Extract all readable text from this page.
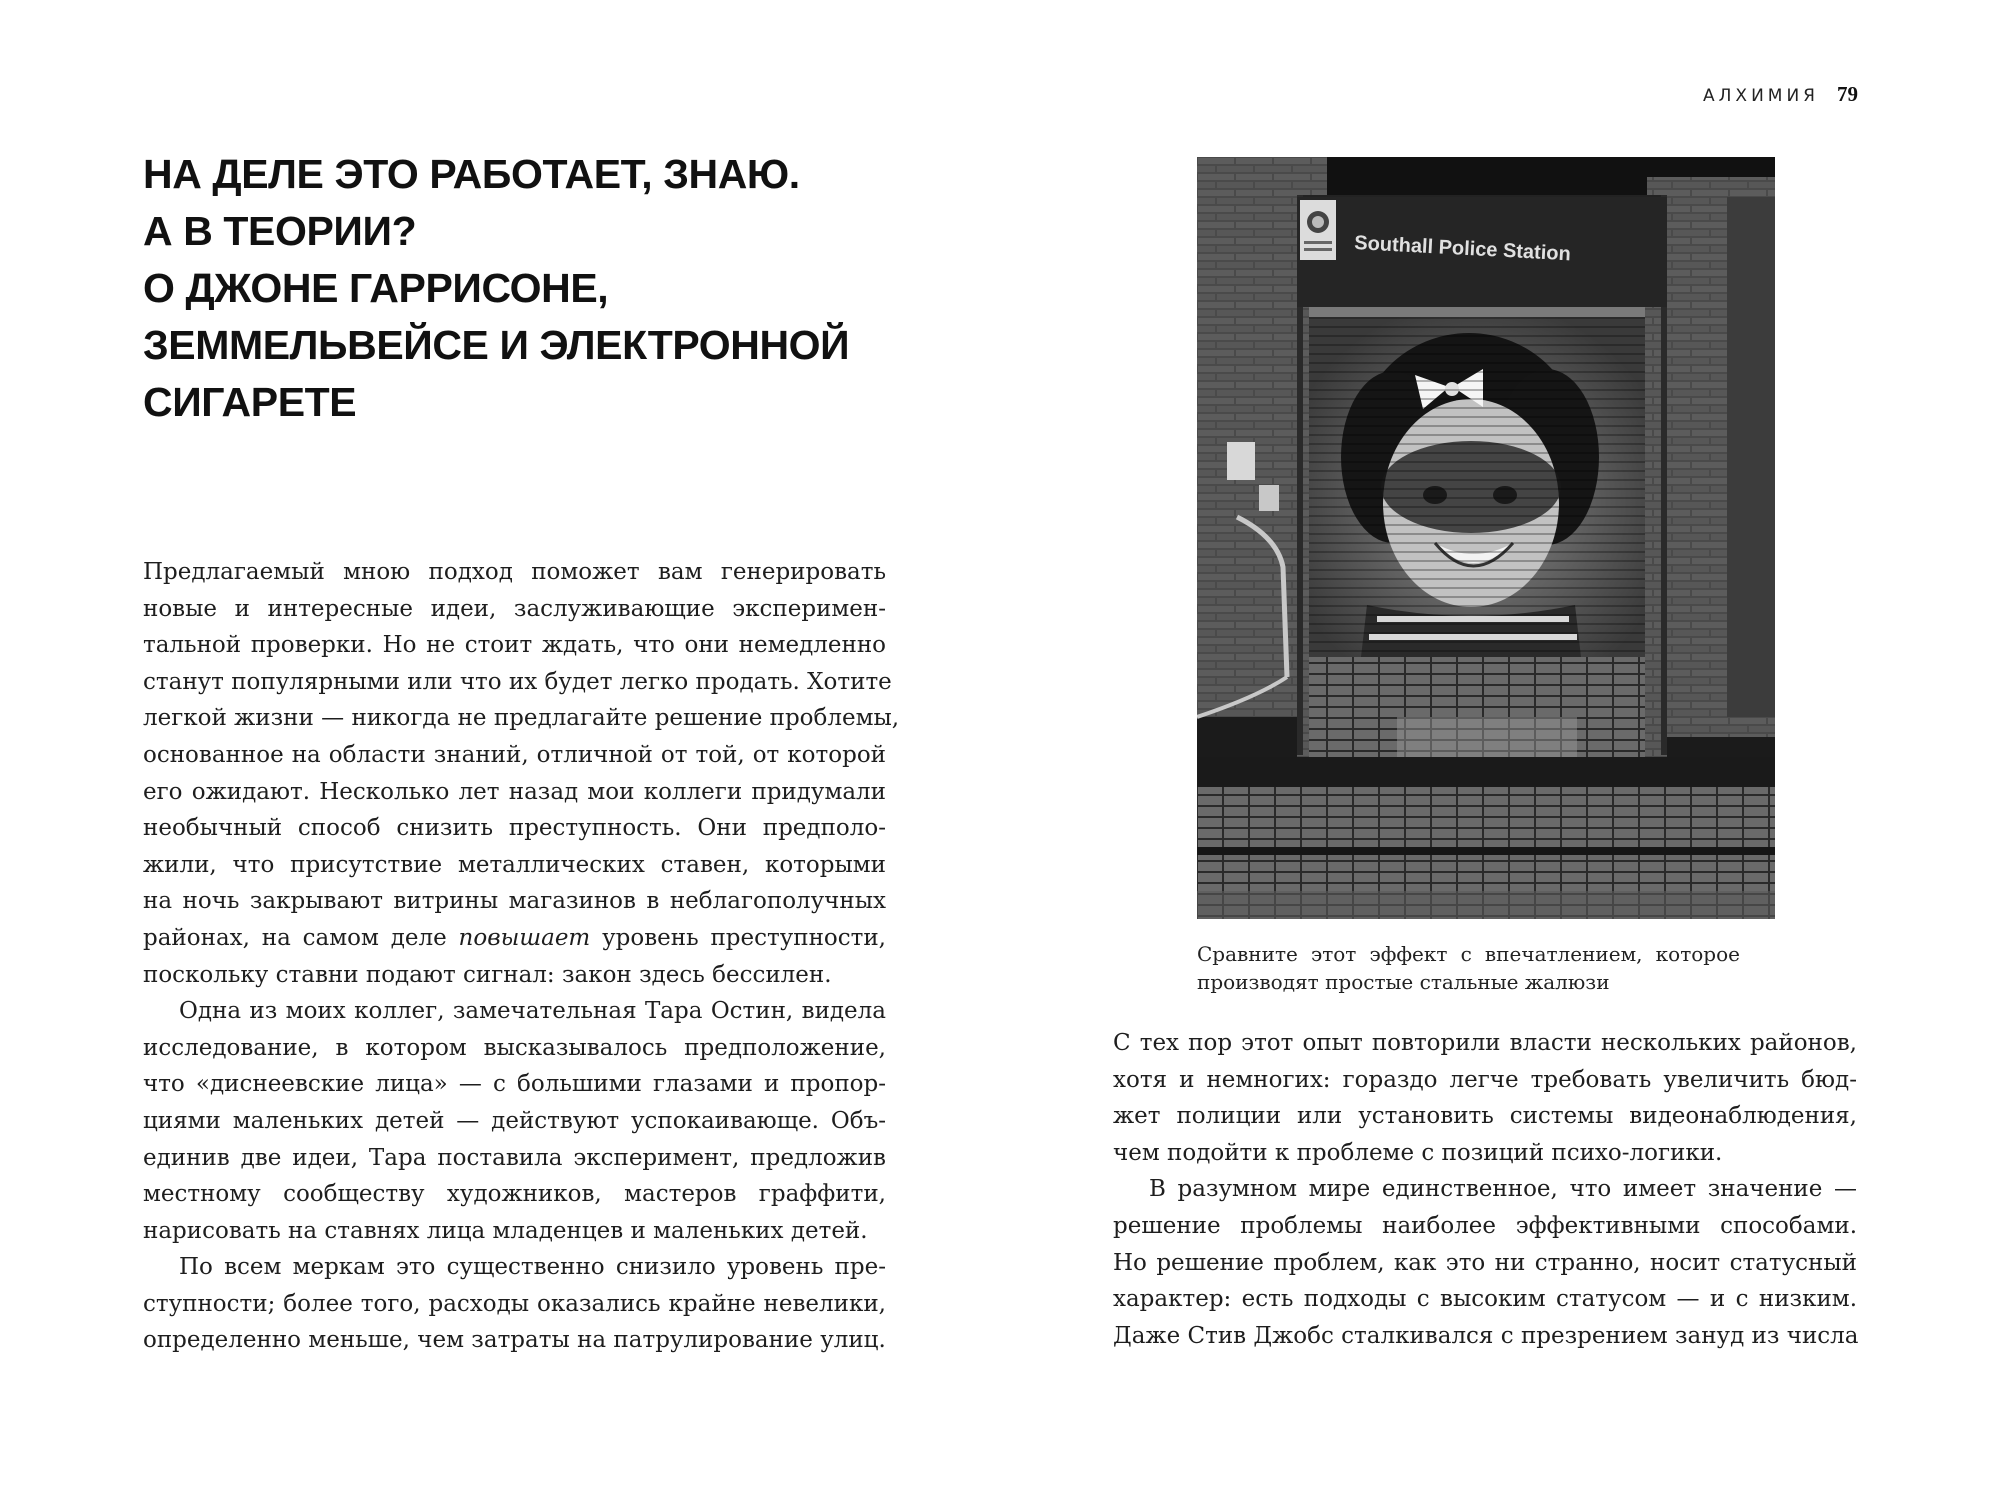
АЛХИМИЯ 79
НА ДЕЛЕ ЭТО РАБОТАЕТ, ЗНАЮ.
А В ТЕОРИИ?
О ДЖОНЕ ГАРРИСОНЕ,
ЗЕММЕЛЬВЕЙСЕ И ЭЛЕКТРОННОЙ
СИГАРЕТЕ
Предлагаемый мною подход поможет вам генерировать
новые и интересные идеи, заслуживающие эксперимен-
тальной проверки. Но не стоит ждать, что они немедленно
станут популярными или что их будет легко продать. Хотите
легкой жизни — никогда не предлагайте решение проблемы,
основанное на области знаний, отличной от той, от которой
его ожидают. Несколько лет назад мои коллеги придумали
необычный способ снизить преступность. Они предполо-
жили, что присутствие металлических ставен, которыми
на ночь закрывают витрины магазинов в неблагополучных
районах, на самом деле повышает уровень преступности,
поскольку ставни подают сигнал: закон здесь бессилен.
Одна из моих коллег, замечательная Тара Остин, видела
исследование, в котором высказывалось предположение,
что «диснеевские лица» — с большими глазами и пропор-
циями маленьких детей — действуют успокаивающе. Объ-
единив две идеи, Тара поставила эксперимент, предложив
местному сообществу художников, мастеров граффити,
нарисовать на ставнях лица младенцев и маленьких детей.
По всем меркам это существенно снизило уровень пре-
ступности; более того, расходы оказались крайне невелики,
определенно меньше, чем затраты на патрулирование улиц.
Southall Police Station
Сравните этот эффект с впечатлением, которое
производят простые стальные жалюзи
С тех пор этот опыт повторили власти нескольких районов,
хотя и немногих: гораздо легче требовать увеличить бюд-
жет полиции или установить системы видеонаблюдения,
чем подойти к проблеме с позиций психо-логики.
В разумном мире единственное, что имеет значение —
решение проблемы наиболее эффективными способами.
Но решение проблем, как это ни странно, носит статусный
характер: есть подходы с высоким статусом — и с низким.
Даже Стив Джобс сталкивался с презрением зануд из числа
